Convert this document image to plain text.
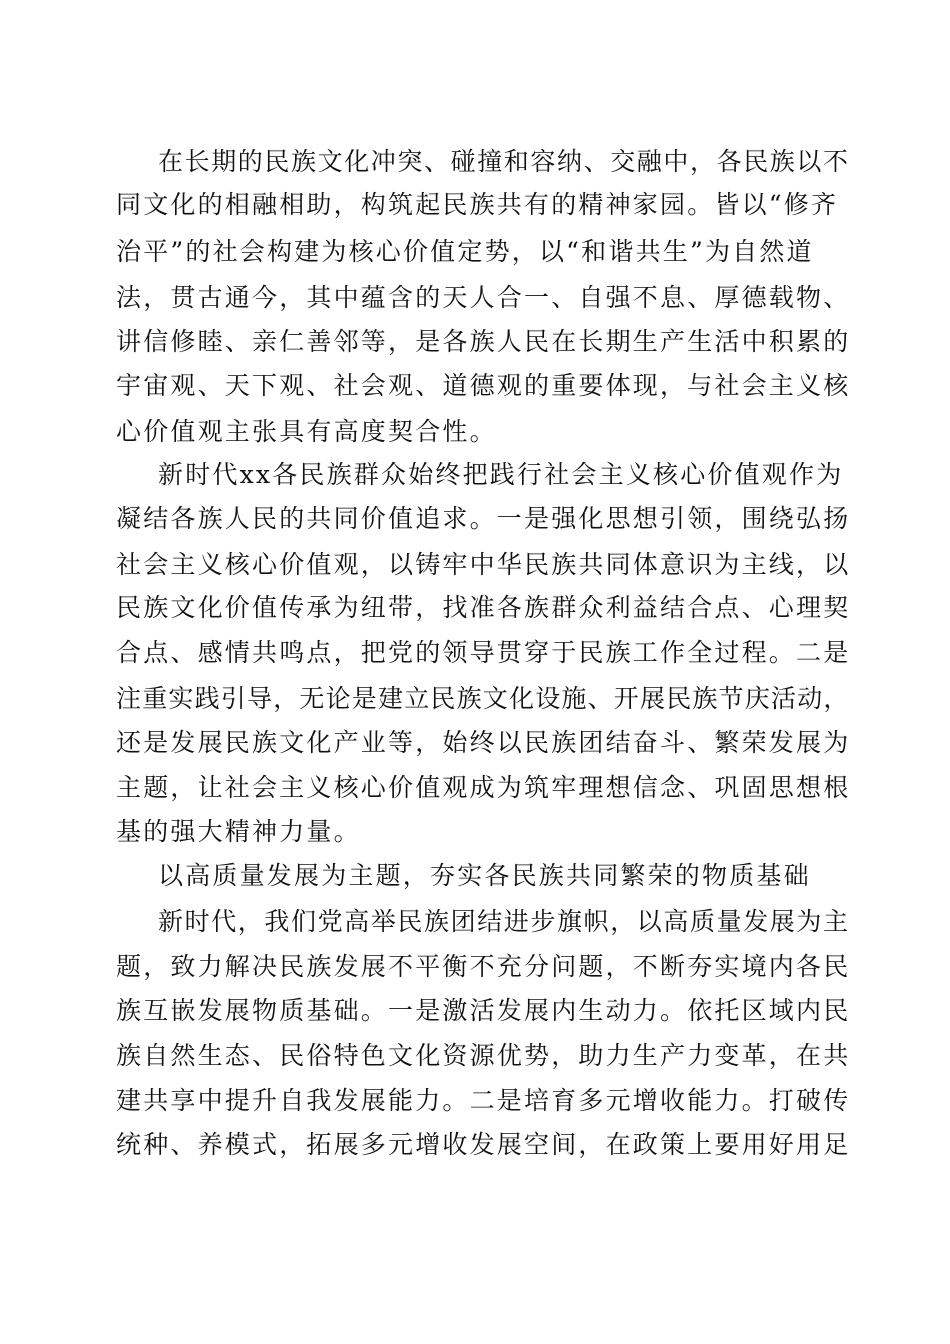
在长期的民族文化冲突、碰撞和容纳、交融中，各民族以不
同文化的相融相助，构筑起民族共有的精神家园。皆以“修齐
治平”的社会构建为核心价值定势，以“和谐共生”为自然道
法，贯古通今，其中蕴含的天人合一、自强不息、厚德载物、
讲信修睦、亲仁善邻等，是各族人民在长期生产生活中积累的
宇宙观、天下观、社会观、道德观的重要体现，与社会主义核
心价值观主张具有高度契合性。
新时代xx各民族群众始终把践行社会主义核心价值观作为
凝结各族人民的共同价值追求。一是强化思想引领，围绕弘扬
社会主义核心价值观，以铸牢中华民族共同体意识为主线，以
民族文化价值传承为纽带，找准各族群众利益结合点、心理契
合点、感情共鸣点，把党的领导贯穿于民族工作全过程。二是
注重实践引导，无论是建立民族文化设施、开展民族节庆活动，
还是发展民族文化产业等，始终以民族团结奋斗、繁荣发展为
主题，让社会主义核心价值观成为筑牢理想信念、巩固思想根
基的强大精神力量。
以高质量发展为主题，夯实各民族共同繁荣的物质基础
新时代，我们党高举民族团结进步旗帜，以高质量发展为主
题，致力解决民族发展不平衡不充分问题，不断夯实境内各民
族互嵌发展物质基础。一是激活发展内生动力。依托区域内民
族自然生态、民俗特色文化资源优势，助力生产力变革，在共
建共享中提升自我发展能力。二是培育多元增收能力。打破传
统种、养模式，拓展多元增收发展空间，在政策上要用好用足
